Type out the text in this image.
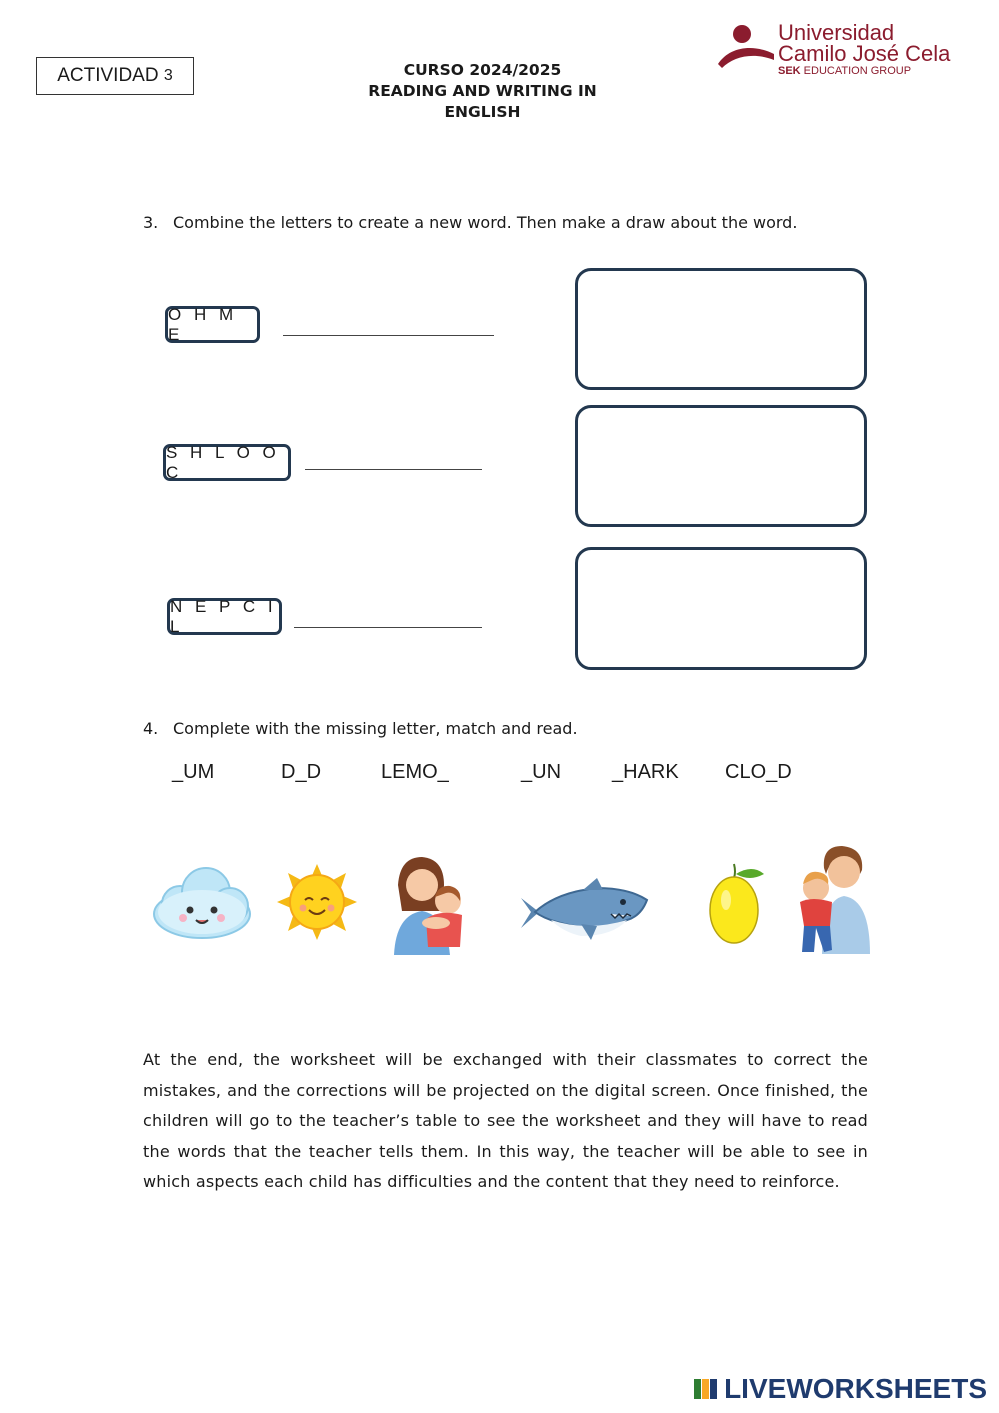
ACTIVIDAD
3	CURSO 2024/2025
READING AND WRITING IN
ENGLISH
Universidad
Camilo José Cela
SEK EDUCATION GROUP
3. Combine the letters to create a new word. Then make a draw about the word.
O H M E
S H L O O C
N E P C I L
4. Complete with the missing letter, match and read.
_UM	D_D	LEMO_	_UN	_HARK CLO_D
At the end, the worksheet will be exchanged with their classmates to correct the mistakes, and the corrections will be projected on the digital screen. Once finished, the children will go to the teacher’s table to see the worksheet and they will have to read the words that the teacher tells them. In this way, the teacher will be able to see in which aspects each child has difficulties and the content that they need to reinforce.
LIVEWORKSHEETS
